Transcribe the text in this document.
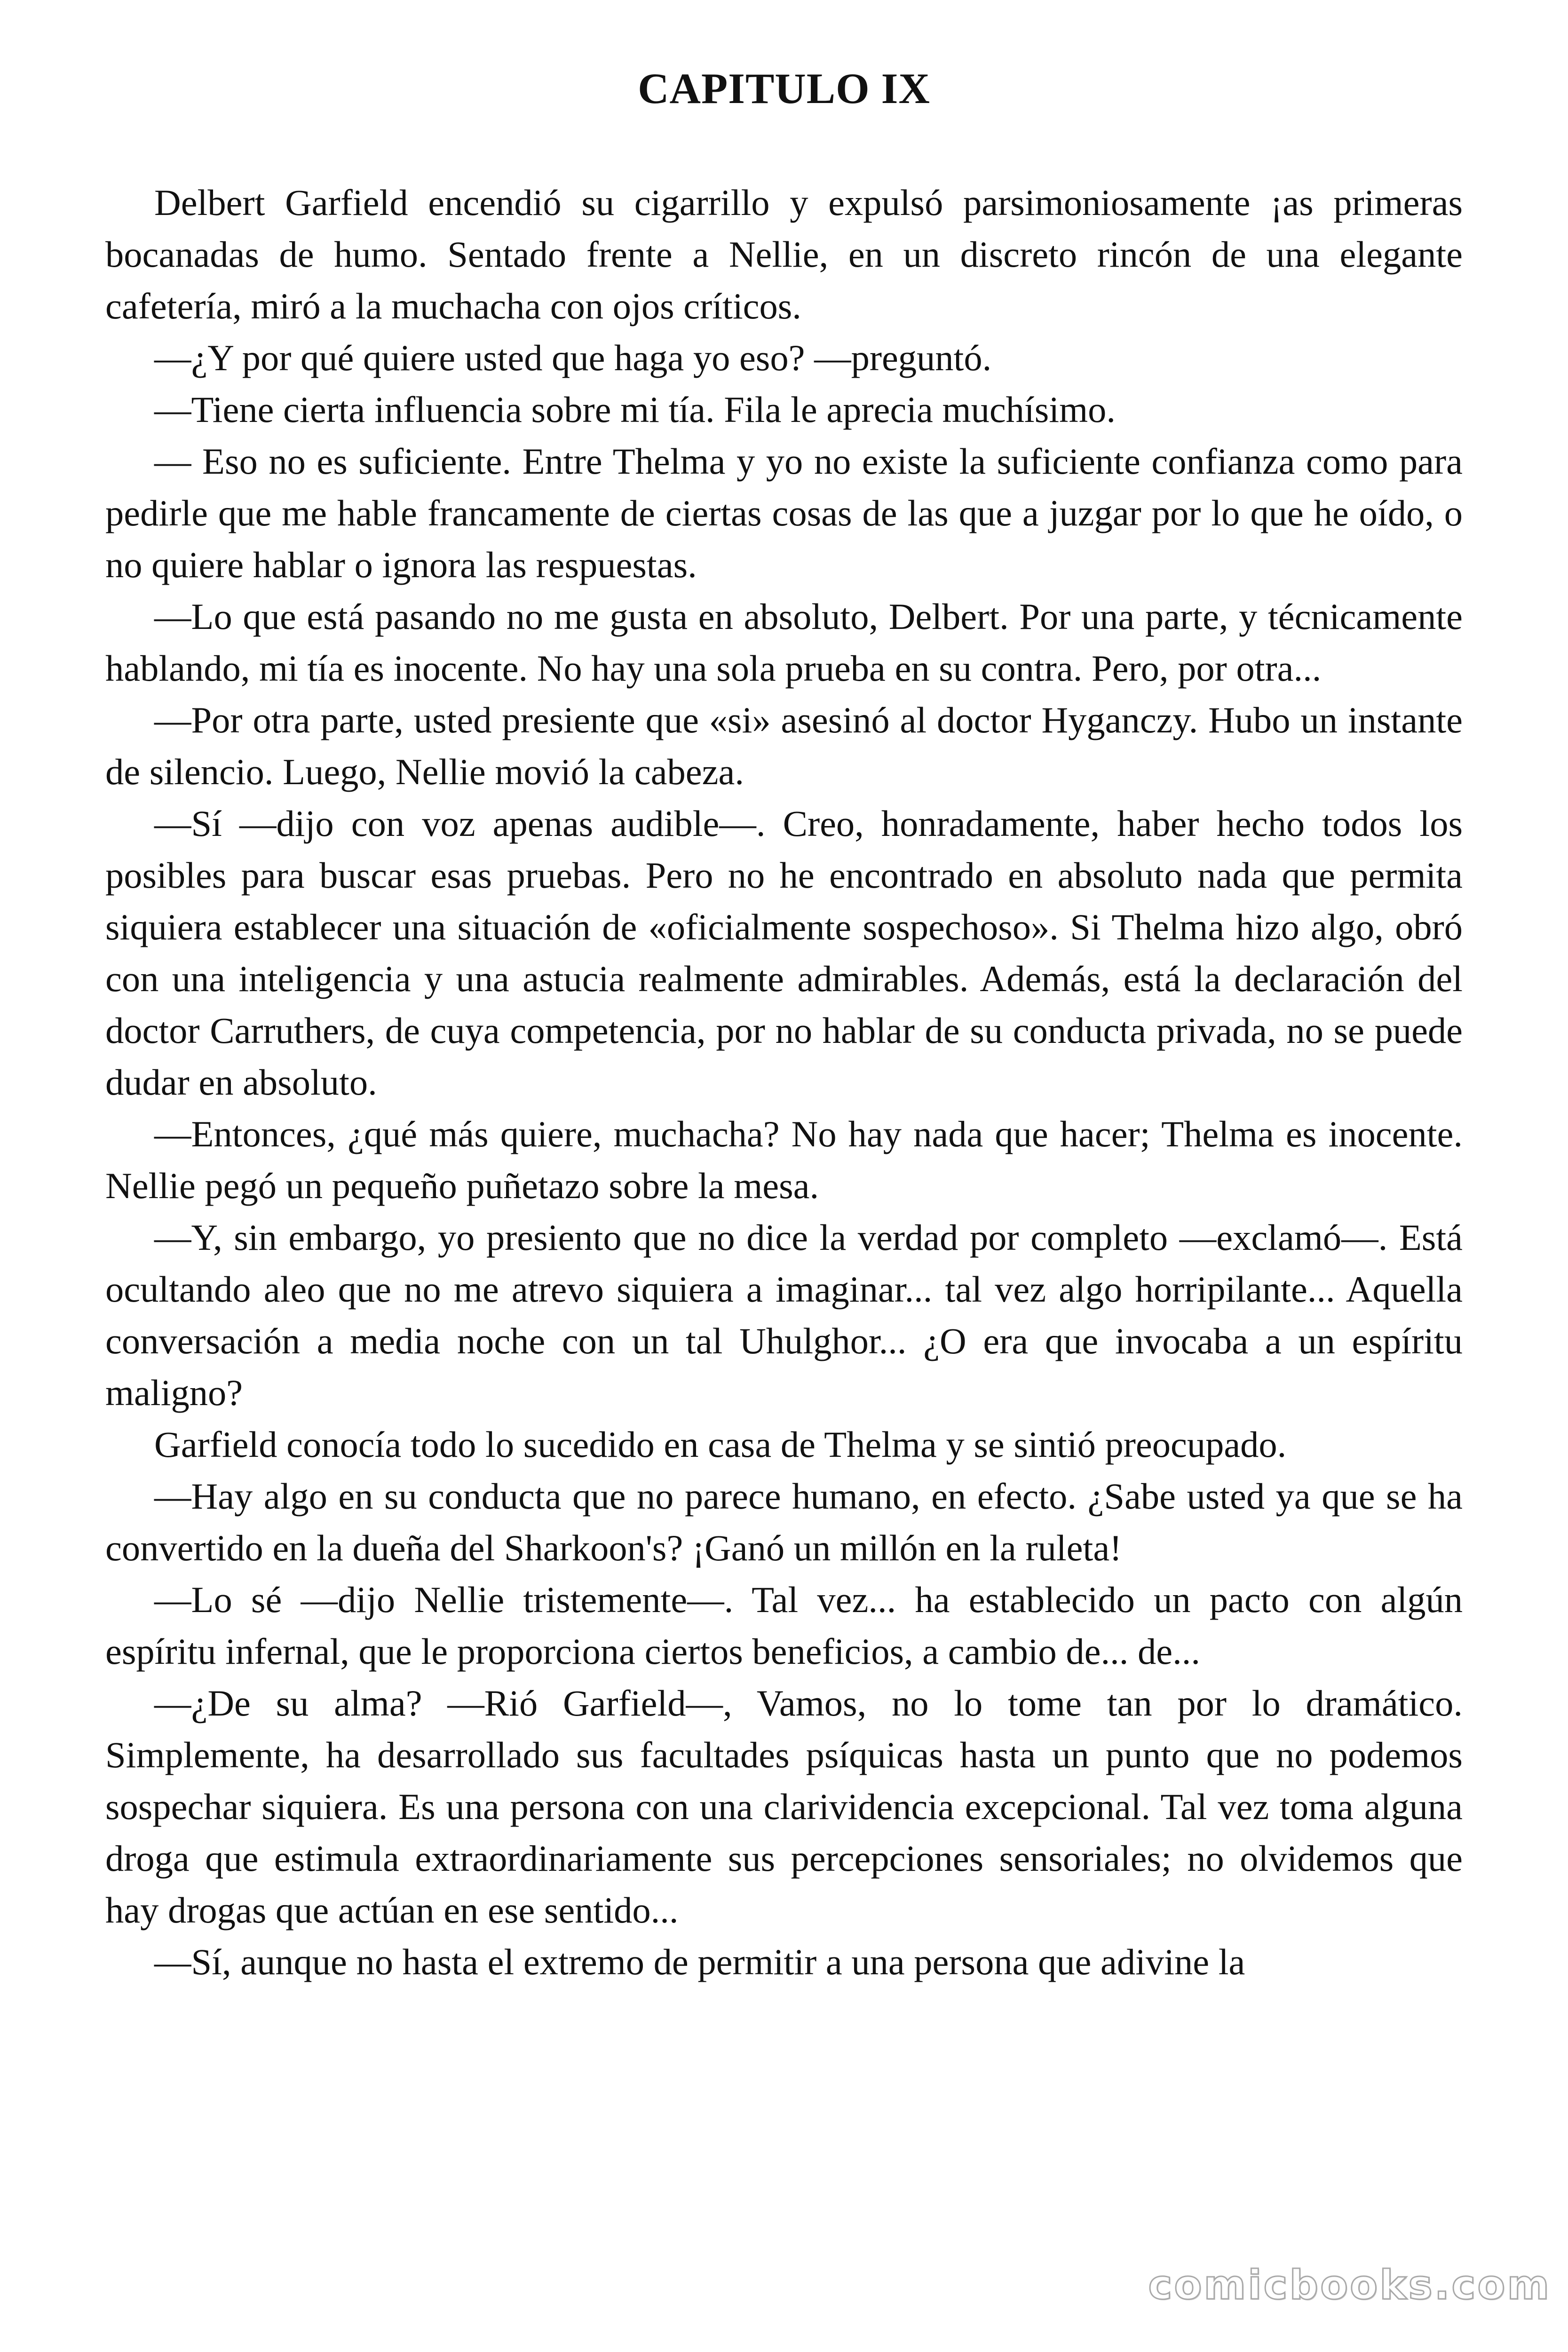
CAPITULO IX

Delbert Garfield encendió su cigarrillo y expulsó parsimoniosamente ¡as primeras bocanadas de humo. Sentado frente a Nellie, en un discreto rincón de una elegante cafetería, miró a la muchacha con ojos críticos.

—¿Y por qué quiere usted que haga yo eso? —preguntó.

—Tiene cierta influencia sobre mi tía. Fila le aprecia muchísimo.

— Eso no es suficiente. Entre Thelma y yo no existe la suficiente confianza como para pedirle que me hable francamente de ciertas cosas de las que a juzgar por lo que he oído, o no quiere hablar o ignora las respuestas.

—Lo que está pasando no me gusta en absoluto, Delbert. Por una parte, y técnicamente hablando, mi tía es inocente. No hay una sola prueba en su contra. Pero, por otra...

—Por otra parte, usted presiente que «si» asesinó al doctor Hyganczy. Hubo un instante de silencio. Luego, Nellie movió la cabeza.

—Sí —dijo con voz apenas audible—. Creo, honradamente, haber hecho todos los posibles para buscar esas pruebas. Pero no he encontrado en absoluto nada que permita siquiera establecer una situación de «oficialmente sospechoso». Si Thelma hizo algo, obró con una inteligencia y una astucia realmente admirables. Además, está la declaración del doctor Carruthers, de cuya competencia, por no hablar de su conducta privada, no se puede dudar en absoluto.

—Entonces, ¿qué más quiere, muchacha? No hay nada que hacer; Thelma es inocente. Nellie pegó un pequeño puñetazo sobre la mesa.

—Y, sin embargo, yo presiento que no dice la verdad por completo —exclamó—. Está ocultando aleo que no me atrevo siquiera a imaginar... tal vez algo horripilante... Aquella conversación a media noche con un tal Uhulghor... ¿O era que invocaba a un espíritu maligno?

Garfield conocía todo lo sucedido en casa de Thelma y se sintió preocupado.

—Hay algo en su conducta que no parece humano, en efecto. ¿Sabe usted ya que se ha convertido en la dueña del Sharkoon's? ¡Ganó un millón en la ruleta!

—Lo sé —dijo Nellie tristemente—. Tal vez... ha establecido un pacto con algún espíritu infernal, que le proporciona ciertos beneficios, a cambio de... de...

—¿De su alma? —Rió Garfield—, Vamos, no lo tome tan por lo dramático. Simplemente, ha desarrollado sus facultades psíquicas hasta un punto que no podemos sospechar siquiera. Es una persona con una clarividencia excepcional. Tal vez toma alguna droga que estimula extraordinariamente sus percepciones sensoriales; no olvidemos que hay drogas que actúan en ese sentido...

—Sí, aunque no hasta el extremo de permitir a una persona que adivine la

comicbooks.com
